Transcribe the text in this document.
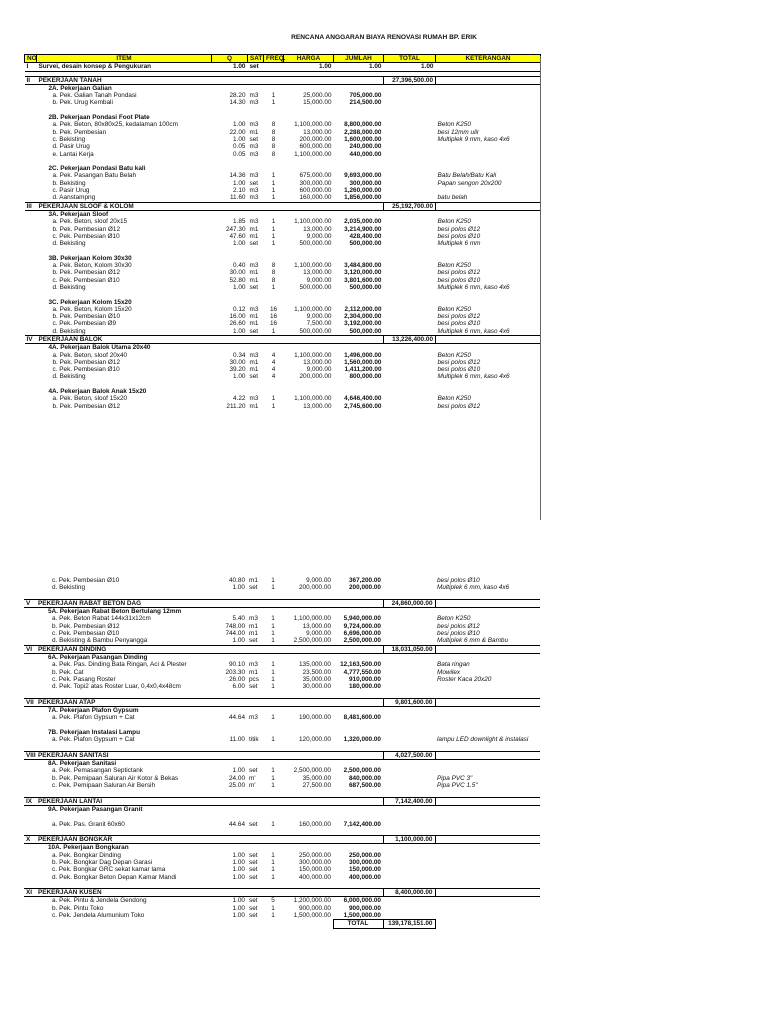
RENCANA ANGGARAN BIAYA RENOVASI RUMAH BP. ERIK
NO	ITEM	Q	SAT	FREQ.	HARGA	JUMLAH	TOTAL	KETERANGAN
I	Survei, desain konsep & Pengukuran	1.00	set		1.00	1.00	1.00	

II	PEKERJAAN TANAH						27,396,500.00	
	2A. Pekerjaan Galian							
	a. Pek. Galian Tanah Pondasi	28.20	m3	1	25,000.00	705,000.00		
	b. Pek. Urug Kembali	14.30	m3	1	15,000.00	214,500.00		

	2B. Pekerjaan Pondasi Foot Plate							
	a. Pek. Beton, 80x80x25, kedalaman 100cm	1.00	m3	8	1,100,000.00	8,800,000.00		Beton K250
	b. Pek. Pembesian	22.00	m1	8	13,000.00	2,288,000.00		besi 12mm ulir
	c. Bekisting	1.00	set	8	200,000.00	1,600,000.00		Multiplek 9 mm, kaso 4x6
	d. Pasir Urug	0.05	m3	8	600,000.00	240,000.00		
	e. Lantai Kerja	0.05	m3	8	1,100,000.00	440,000.00		

	2C. Pekerjaan Pondasi Batu kali							
	a. Pek. Pasangan Batu Belah	14.36	m3	1	675,000.00	9,693,000.00		Batu Belah/Batu Kali
	b. Bekisting	1.00	set	1	300,000.00	300,000.00		Papan sengon 20x200
	c. Pasir Urug	2.10	m3	1	600,000.00	1,260,000.00		
	d. Aanstampng	11.60	m3	1	160,000.00	1,856,000.00		batu belah
III	PEKERJAAN SLOOF & KOLOM						25,192,700.00	
	3A. Pekerjaan Sloof							
	a. Pek. Beton, sloof 20x15	1.85	m3	1	1,100,000.00	2,035,000.00		Beton K250
	b. Pek. Pembesian Ø12	247.30	m1	1	13,000.00	3,214,900.00		besi polos Ø12
	c. Pek. Pembesian Ø10	47.60	m1	1	9,000.00	428,400.00		besi polos Ø10
	d. Bekisting	1.00	set	1	500,000.00	500,000.00		Multiplek 6 mm

	3B. Pekerjaan Kolom 30x30							
	a. Pek. Beton, Kolom 30x30	0.40	m3	8	1,100,000.00	3,484,800.00		Beton K250
	b. Pek. Pembesian Ø12	30.00	m1	8	13,000.00	3,120,000.00		besi polos Ø12
	c. Pek. Pembesian Ø10	52.80	m1	8	9,000.00	3,801,600.00		besi polos Ø10
	d. Bekisting	1.00	set	1	500,000.00	500,000.00		Multiplek 6 mm, kaso 4x6

	3C. Pekerjaan Kolom 15x20							
	a. Pek. Beton, Kolom 15x20	0.12	m3	16	1,100,000.00	2,112,000.00		Beton K250
	b. Pek. Pembesian Ø10	16.00	m1	16	9,000.00	2,304,000.00		besi polos Ø12
	c. Pek. Pembesian Ø9	26.60	m1	16	7,500.00	3,192,000.00		besi polos Ø10
	d. Bekisting	1.00	set	1	500,000.00	500,000.00		Multiplek 6 mm, kaso 4x6
IV	PEKERJAAN BALOK						13,226,400.00	
	4A. Pekerjaan Balok Utama 20x40							
	a. Pek. Beton, sloof 20x40	0.34	m3	4	1,100,000.00	1,496,000.00		Beton K250
	b. Pek. Pembesian Ø12	30.00	m1	4	13,000.00	1,560,000.00		besi polos Ø12
	c. Pek. Pembesian Ø10	39.20	m1	4	9,000.00	1,411,200.00		besi polos Ø10
	d. Bekisting	1.00	set	4	200,000.00	800,000.00		Multiplek 6 mm, kaso 4x6

	4A. Pekerjaan Balok Anak 15x20							
	a. Pek. Beton, sloof 15x20	4.22	m3	1	1,100,000.00	4,646,400.00		Beton K250
	b. Pek. Pembesian Ø12	211.20	m1	1	13,000.00	2,745,600.00		besi polos Ø12
	c. Pek. Pembesian Ø10	40.80	m1	1	9,000.00	367,200.00		besi polos Ø10
	d. Bekisting	1.00	set	1	200,000.00	200,000.00		Multiplek 6 mm, kaso 4x6

V	PEKERJAAN RABAT BETON DAG						24,860,000.00	
	5A. Pekerjaan Rabat Beton Bertulang 12mm							
	a. Pek. Beton Rabat 144x31x12cm	5.40	m3	1	1,100,000.00	5,940,000.00		Beton K250
	b. Pek. Pembesian Ø12	748.00	m1	1	13,000.00	9,724,000.00		besi polos Ø12
	c. Pek. Pembesian Ø10	744.00	m1	1	9,000.00	6,696,000.00		besi polos Ø10
	d. Bekisting & Bambu Penyangga	1.00	set	1	2,500,000.00	2,500,000.00		Multiplek 6 mm & Bambu
VI	PEKERJAAN DINDING						18,031,050.00	
	6A. Pekerjaan Pasangan Dinding							
	a. Pek. Pas. Dinding Bata Ringan, Aci & Plester	90.10	m3	1	135,000.00	12,163,500.00		Bata ringan
	b. Pek. Cat	203.30	m1	1	23,500.00	4,777,550.00		Mowilex
	c. Pek. Pasang Roster	26.00	pcs	1	35,000.00	910,000.00		Roster Kaca 20x20
	d. Pek. Topi2 atas Roster Luar, 0,4x0,4x48cm	6.00	set	1	30,000.00	180,000.00		

VII	PEKERJAAN ATAP						9,801,600.00	
	7A. Pekerjaan Plafon Gypsum							
	a. Pek. Plafon Gypsum + Cat	44.64	m3	1	190,000.00	8,481,600.00		

	7B. Pekerjaan Instalasi Lampu							
	a. Pek. Plafon Gypsum + Cat	11.00	titik	1	120,000.00	1,320,000.00		lampu LED downlight & instalasi

VIII	PEKERJAAN SANITASI						4,027,500.00	
	8A. Pekerjaan Sanitasi							
	a. Pek. Pemasangan Septictank	1.00	set	1	2,500,000.00	2,500,000.00		
	b. Pek. Pemipaan Saluran Air Kotor & Bekas	24.00	m'	1	35,000.00	840,000.00		Pipa PVC 3"
	c. Pek. Pemipaan Saluran Air Bersih	25.00	m'	1	27,500.00	687,500.00		Pipa PVC 1.5"

IX	PEKERJAAN LANTAI						7,142,400.00	
	9A. Pekerjaan Pasangan Granit							

	a. Pek. Pas. Granit 60x60	44.64	set	1	160,000.00	7,142,400.00		

X	PEKERJAAN BONGKAR						1,100,000.00	
	10A. Pekerjaan Bongkaran							
	a. Pek. Bongkar Dinding	1.00	set	1	250,000.00	250,000.00		
	b. Pek. Bongkar Dag Depan Garasi	1.00	set	1	300,000.00	300,000.00		
	c. Pek. Bongkar GRC sekat kamar lama	1.00	set	1	150,000.00	150,000.00		
	d. Pek. Bongkar Beton Depan Kamar Mandi	1.00	set	1	400,000.00	400,000.00		

XI	PEKERJAAN KUSEN						8,400,000.00	
	a. Pek. Pintu & Jendela Gendong	1.00	set	5	1,200,000.00	6,000,000.00		
	b. Pek. Pintu Toko	1.00	set	1	900,000.00	900,000.00		
	c. Pek. Jendela Alumunium Toko	1.00	set	1	1,500,000.00	1,500,000.00		
						TOTAL	139,178,151.00	
